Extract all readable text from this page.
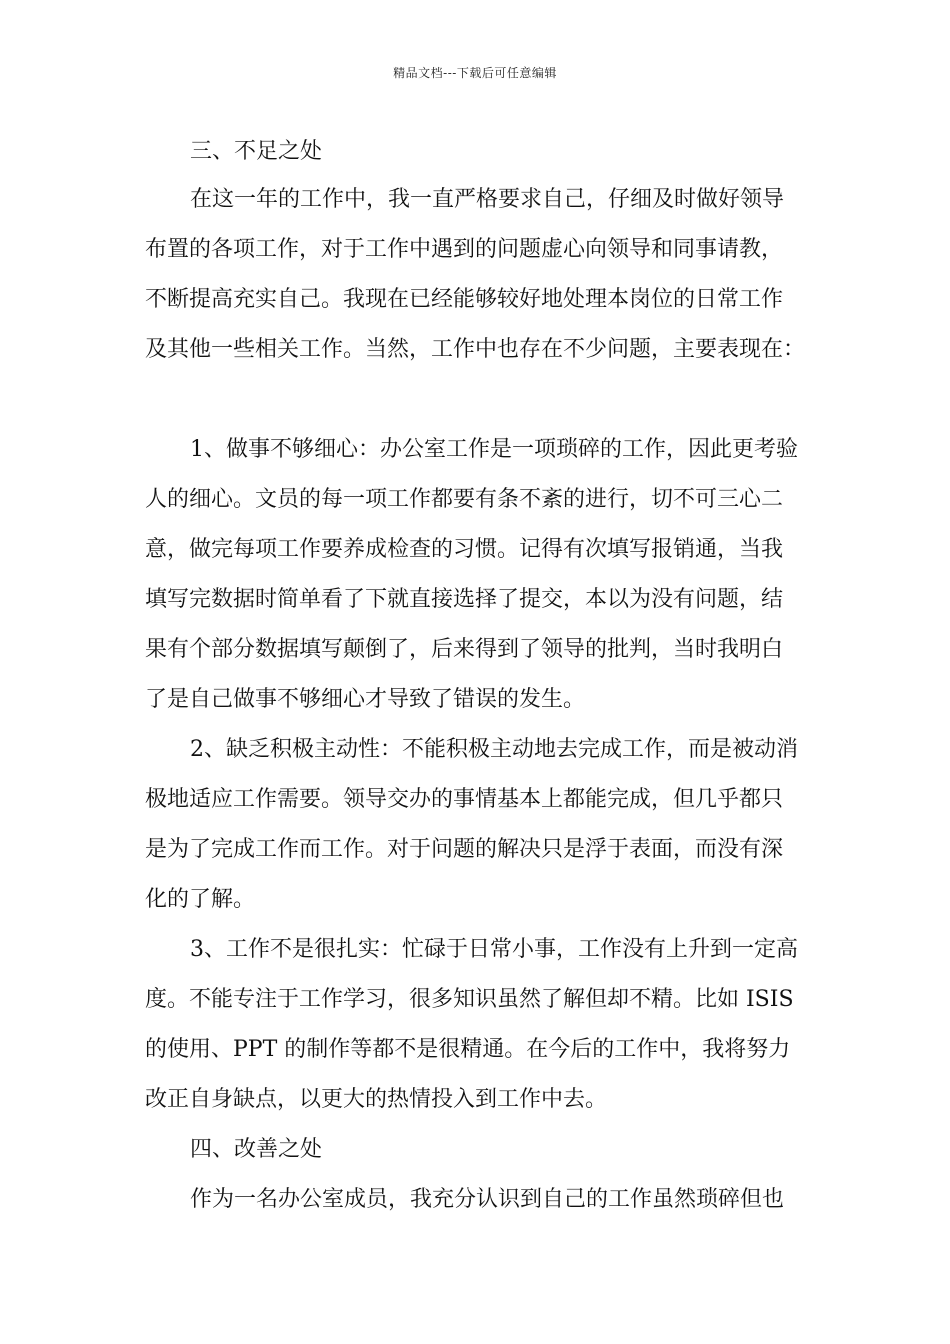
精品文档---下载后可任意编辑
三、不足之处
在这一年的工作中，我一直严格要求自己，仔细及时做好领导
布置的各项工作，对于工作中遇到的问题虚心向领导和同事请教，
不断提高充实自己。我现在已经能够较好地处理本岗位的日常工作
及其他一些相关工作。当然，工作中也存在不少问题，主要表现在：
1、做事不够细心：办公室工作是一项琐碎的工作，因此更考验
人的细心。文员的每一项工作都要有条不紊的进行，切不可三心二
意，做完每项工作要养成检查的习惯。记得有次填写报销通，当我
填写完数据时简单看了下就直接选择了提交，本以为没有问题，结
果有个部分数据填写颠倒了，后来得到了领导的批判，当时我明白
了是自己做事不够细心才导致了错误的发生。
2、缺乏积极主动性：不能积极主动地去完成工作，而是被动消
极地适应工作需要。领导交办的事情基本上都能完成，但几乎都只
是为了完成工作而工作。对于问题的解决只是浮于表面，而没有深
化的了解。
3、工作不是很扎实：忙碌于日常小事，工作没有上升到一定高
度。不能专注于工作学习，很多知识虽然了解但却不精。比如 ISIS
的使用、PPT 的制作等都不是很精通。在今后的工作中，我将努力
改正自身缺点，以更大的热情投入到工作中去。
四、改善之处
作为一名办公室成员，我充分认识到自己的工作虽然琐碎但也
